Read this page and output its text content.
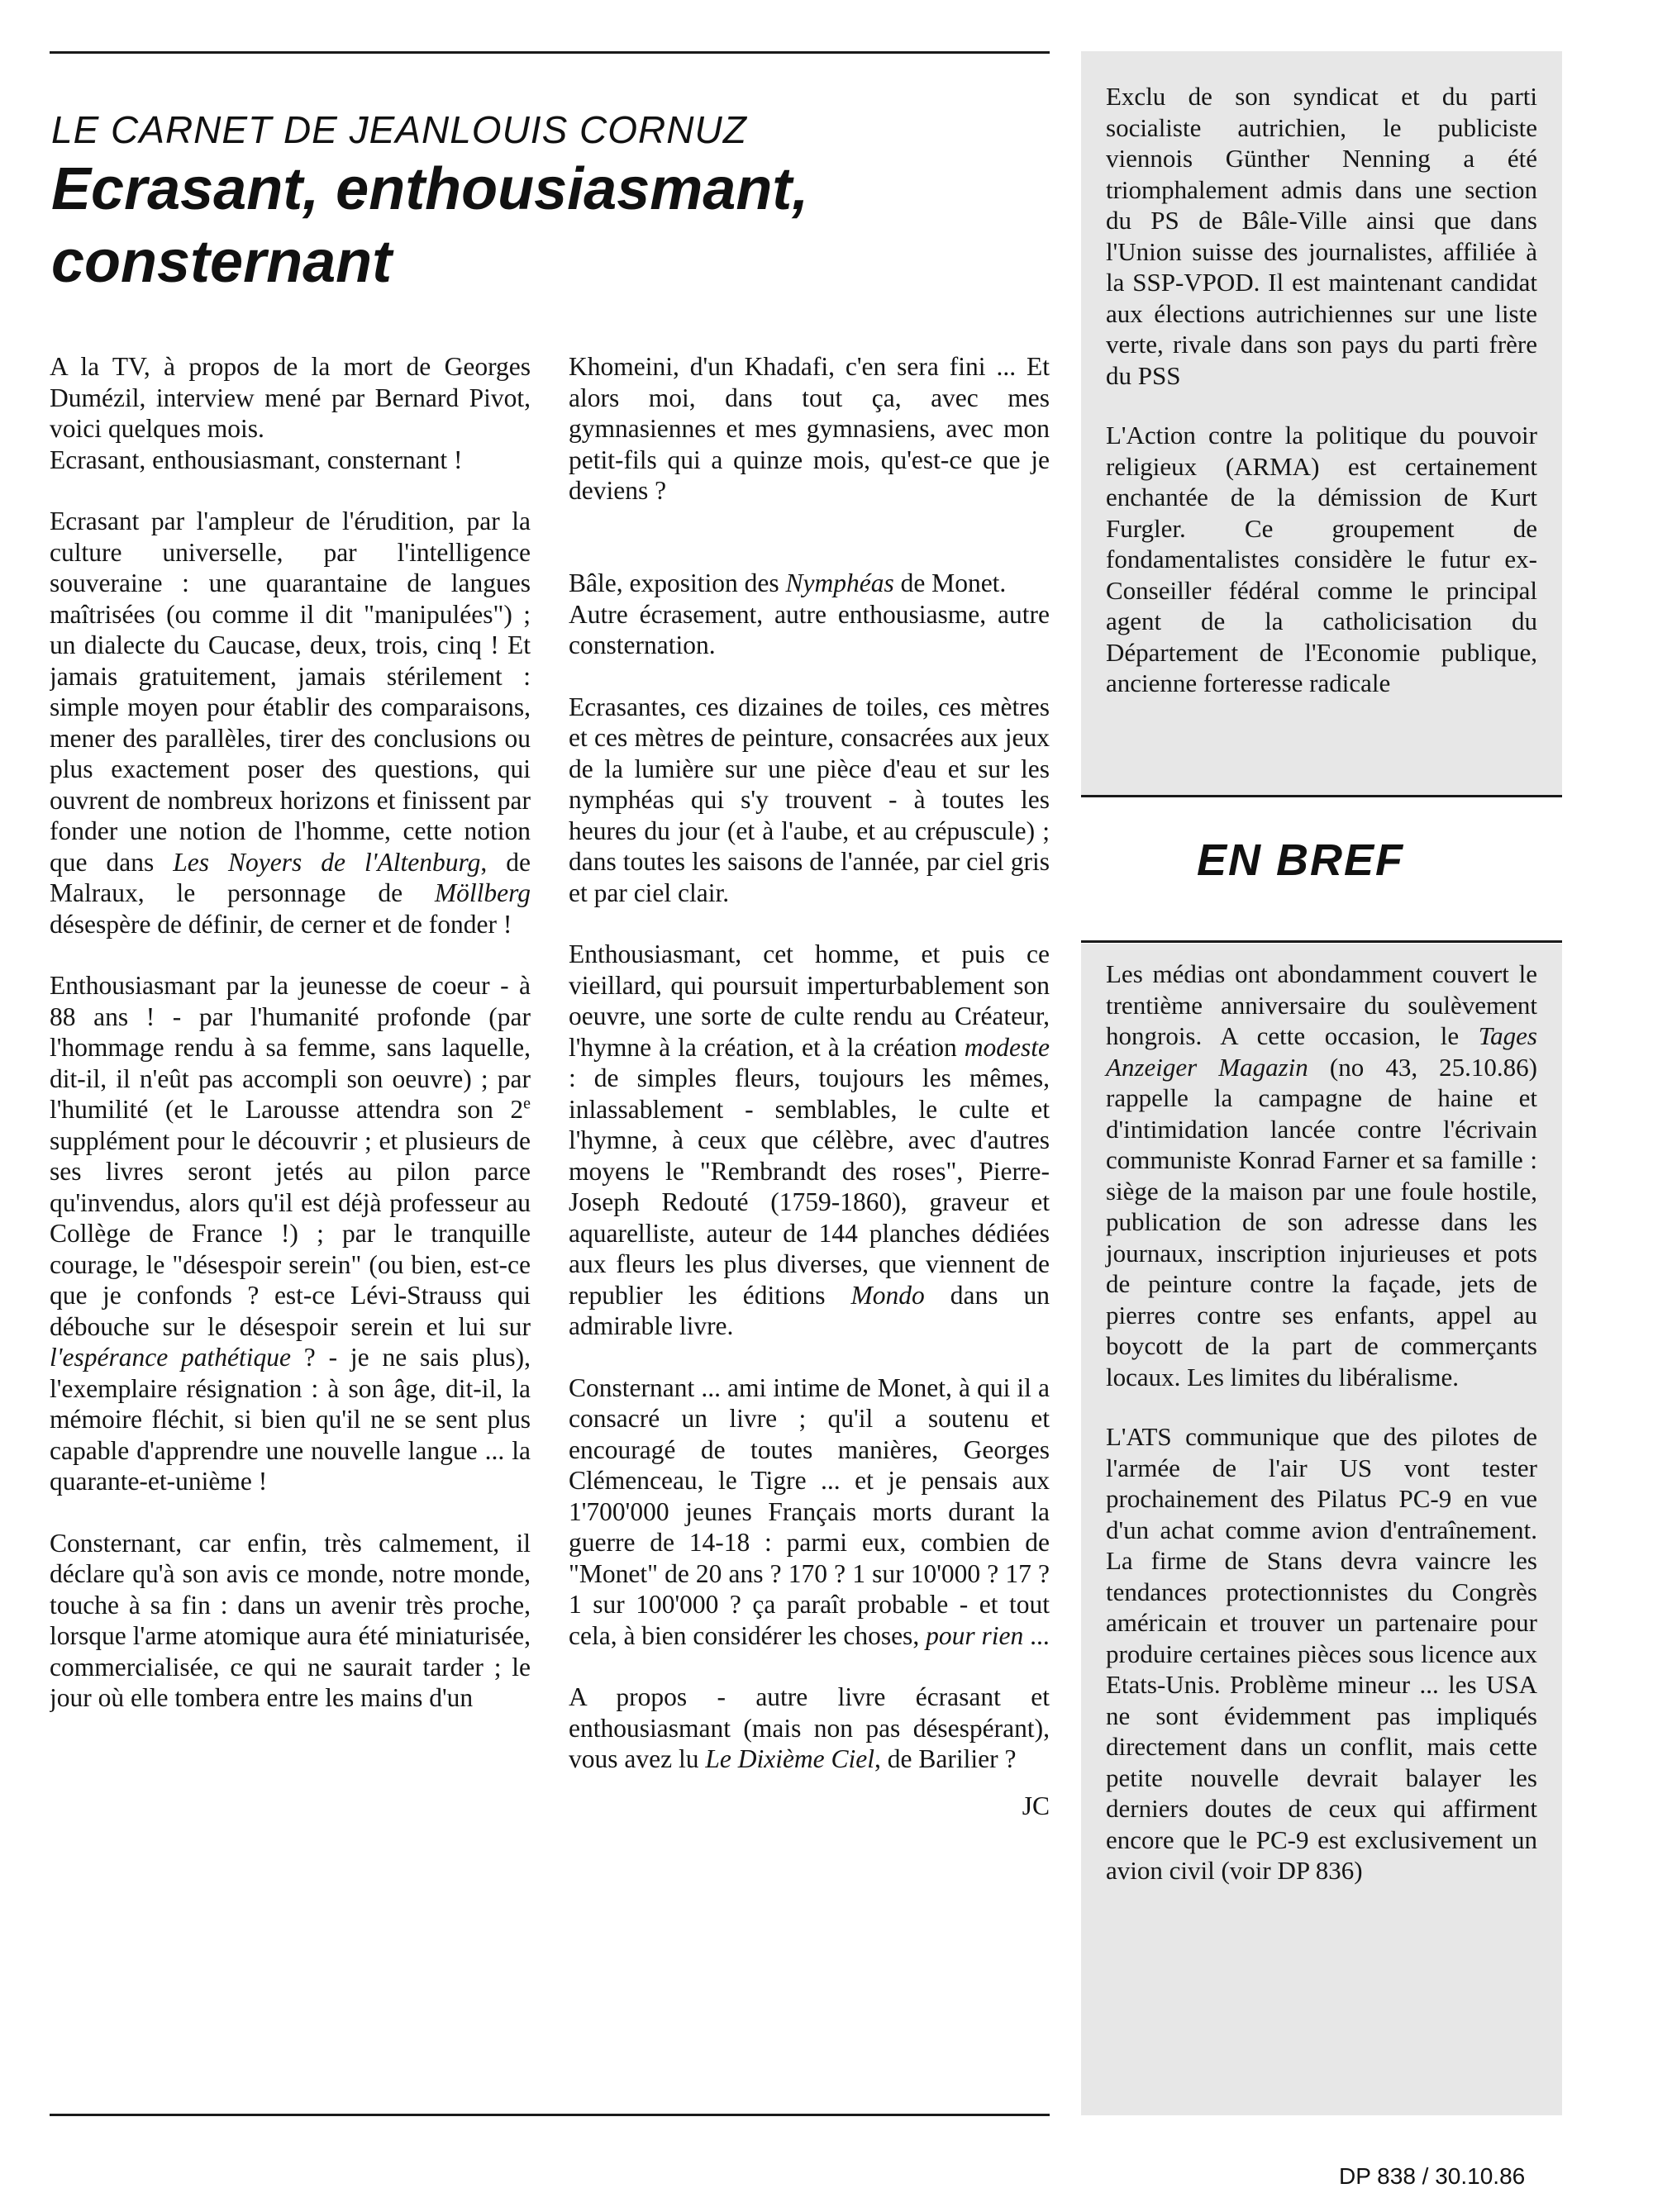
LE CARNET DE JEANLOUIS CORNUZ
Ecrasant, enthousiasmant, consternant

A la TV, à propos de la mort de Georges Dumézil, interview mené par Bernard Pivot, voici quelques mois.
Ecrasant, enthousiasmant, consternant !

Ecrasant par l'ampleur de l'érudition, par la culture universelle, par l'intelligence souveraine : une quarantaine de langues maîtrisées (ou comme il dit "manipulées") ; un dialecte du Caucase, deux, trois, cinq ! Et jamais gratuitement, jamais stérilement : simple moyen pour établir des comparaisons, mener des parallèles, tirer des conclusions ou plus exactement poser des questions, qui ouvrent de nombreux horizons et finissent par fonder une notion de l'homme, cette notion que dans Les Noyers de l'Altenburg, de Malraux, le personnage de Möllberg désespère de définir, de cerner et de fonder !

Enthousiasmant par la jeunesse de coeur - à 88 ans ! - par l'humanité profonde (par l'hommage rendu à sa femme, sans laquelle, dit-il, il n'eût pas accompli son oeuvre) ; par l'humilité (et le Larousse attendra son 2e supplément pour le découvrir ; et plusieurs de ses livres seront jetés au pilon parce qu'invendus, alors qu'il est déjà professeur au Collège de France !) ; par le tranquille courage, le "désespoir serein" (ou bien, est-ce que je confonds ? est-ce Lévi-Strauss qui débouche sur le désespoir serein et lui sur l'espérance pathétique ? - je ne sais plus), l'exemplaire résignation : à son âge, dit-il, la mémoire fléchit, si bien qu'il ne se sent plus capable d'apprendre une nouvelle langue ... la quarante-et-unième !

Consternant, car enfin, très calmement, il déclare qu'à son avis ce monde, notre monde, touche à sa fin : dans un avenir très proche, lorsque l'arme atomique aura été miniaturisée, commercialisée, ce qui ne saurait tarder ; le jour où elle tombera entre les mains d'un

Khomeini, d'un Khadafi, c'en sera fini ... Et alors moi, dans tout ça, avec mes gymnasiennes et mes gymnasiens, avec mon petit-fils qui a quinze mois, qu'est-ce que je deviens ?

Bâle, exposition des Nymphéas de Monet.
Autre écrasement, autre enthousiasme, autre consternation.

Ecrasantes, ces dizaines de toiles, ces mètres et ces mètres de peinture, consacrées aux jeux de la lumière sur une pièce d'eau et sur les nymphéas qui s'y trouvent - à toutes les heures du jour (et à l'aube, et au crépuscule) ; dans toutes les saisons de l'année, par ciel gris et par ciel clair.

Enthousiasmant, cet homme, et puis ce vieillard, qui poursuit imperturbablement son oeuvre, une sorte de culte rendu au Créateur, l'hymne à la création, et à la création modeste : de simples fleurs, toujours les mêmes, inlassablement - semblables, le culte et l'hymne, à ceux que célèbre, avec d'autres moyens le "Rembrandt des roses", Pierre-Joseph Redouté (1759-1860), graveur et aquarelliste, auteur de 144 planches dédiées aux fleurs les plus diverses, que viennent de republier les éditions Mondo dans un admirable livre.

Consternant ... ami intime de Monet, à qui il a consacré un livre ; qu'il a soutenu et encouragé de toutes manières, Georges Clémenceau, le Tigre ... et je pensais aux 1'700'000 jeunes Français morts durant la guerre de 14-18 : parmi eux, combien de "Monet" de 20 ans ? 170 ? 1 sur 10'000 ? 17 ? 1 sur 100'000 ? ça paraît probable - et tout cela, à bien considérer les choses, pour rien ...

A propos - autre livre écrasant et enthousiasmant (mais non pas désespérant), vous avez lu Le Dixième Ciel, de Barilier ?

JC

Exclu de son syndicat et du parti socialiste autrichien, le publiciste viennois Günther Nenning a été triomphalement admis dans une section du PS de Bâle-Ville ainsi que dans l'Union suisse des journalistes, affiliée à la SSP-VPOD. Il est maintenant candidat aux élections autrichiennes sur une liste verte, rivale dans son pays du parti frère du PSS

L'Action contre la politique du pouvoir religieux (ARMA) est certainement enchantée de la démission de Kurt Furgler. Ce groupement de fondamentalistes considère le futur ex-Conseiller fédéral comme le principal agent de la catholicisation du Département de l'Economie publique, ancienne forteresse radicale

EN BREF

Les médias ont abondamment couvert le trentième anniversaire du soulèvement hongrois. A cette occasion, le Tages Anzeiger Magazin (no 43, 25.10.86) rappelle la campagne de haine et d'intimidation lancée contre l'écrivain communiste Konrad Farner et sa famille : siège de la maison par une foule hostile, publication de son adresse dans les journaux, inscription injurieuses et pots de peinture contre la façade, jets de pierres contre ses enfants, appel au boycott de la part de commerçants locaux. Les limites du libéralisme.

L'ATS communique que des pilotes de l'armée de l'air US vont tester prochainement des Pilatus PC-9 en vue d'un achat comme avion d'entraînement. La firme de Stans devra vaincre les tendances protectionnistes du Congrès américain et trouver un partenaire pour produire certaines pièces sous licence aux Etats-Unis. Problème mineur ... les USA ne sont évidemment pas impliqués directement dans un conflit, mais cette petite nouvelle devrait balayer les derniers doutes de ceux qui affirment encore que le PC-9 est exclusivement un avion civil (voir DP 836)

DP 838 / 30.10.86
